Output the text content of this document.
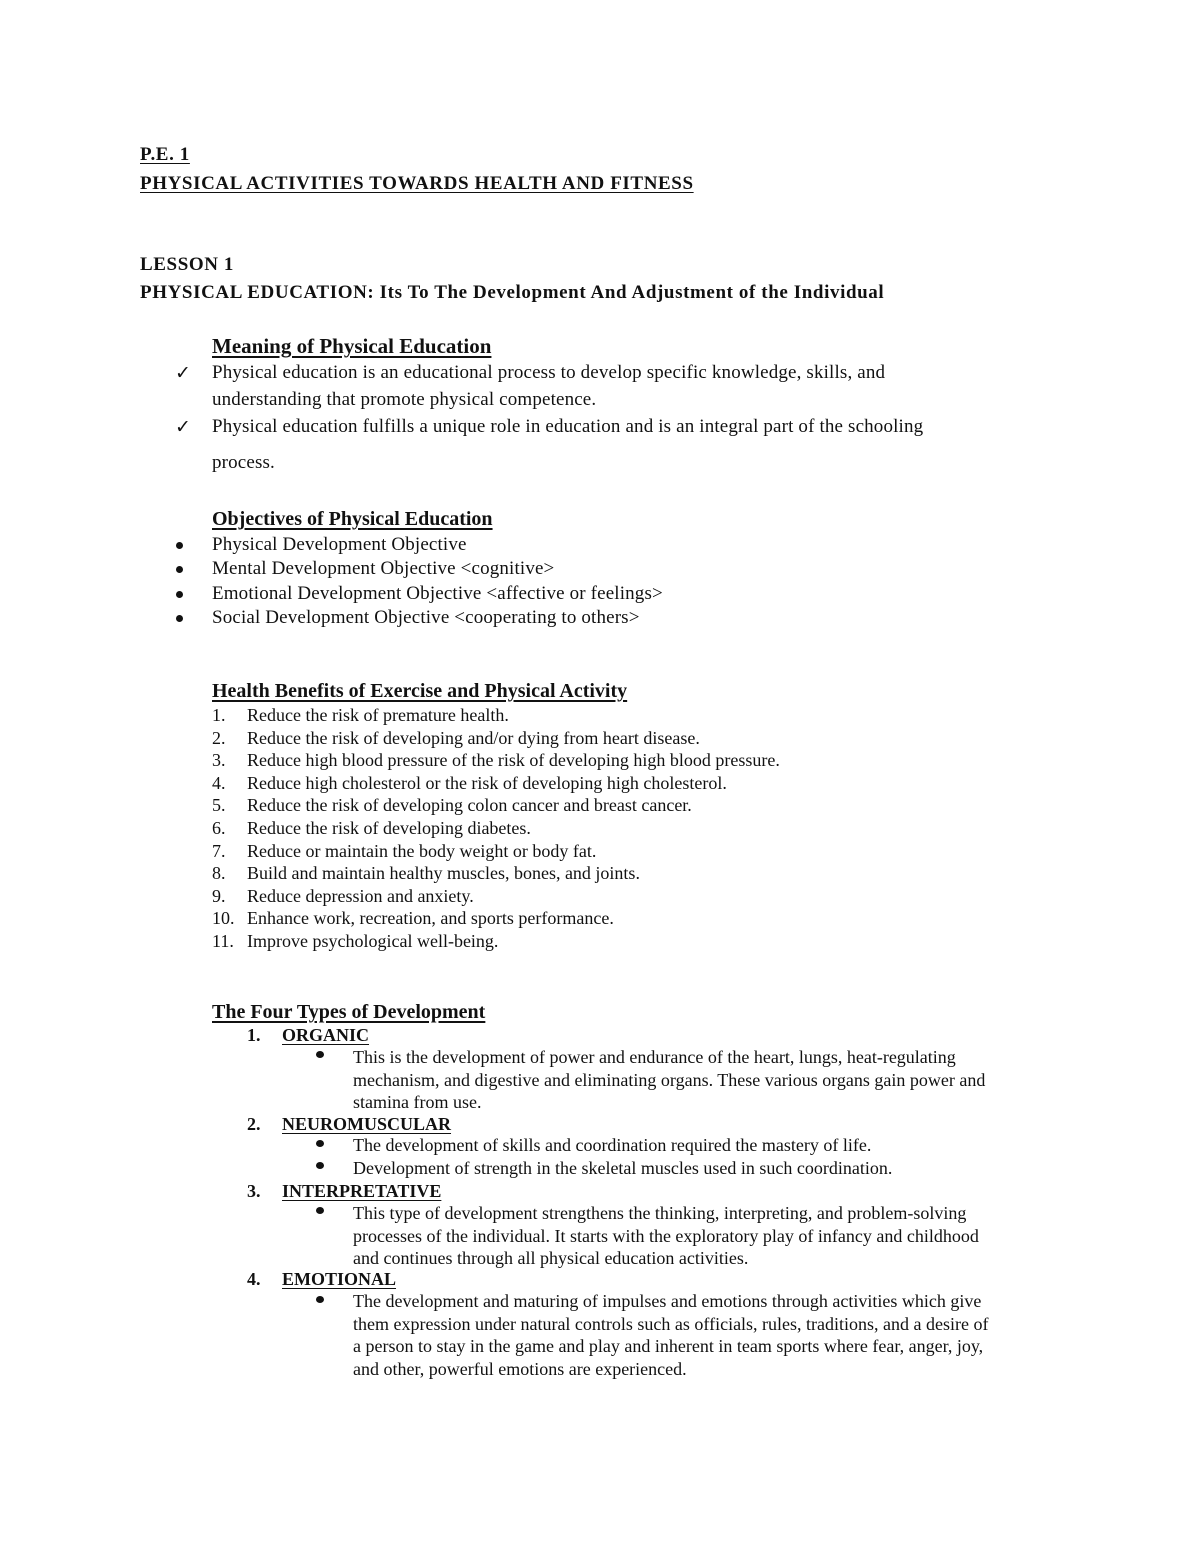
P.E. 1
PHYSICAL ACTIVITIES TOWARDS HEALTH AND FITNESS
LESSON 1
PHYSICAL EDUCATION: Its To The Development And Adjustment of the Individual
Meaning of Physical Education
✓ Physical education is an educational process to develop specific knowledge, skills, and
understanding that promote physical competence.
✓ Physical education fulfills a unique role in education and is an integral part of the schooling
process.
Objectives of Physical Education
Physical Development Objective
Mental Development Objective <cognitive>
Emotional Development Objective <affective or feelings>
Social Development Objective <cooperating to others>
Health Benefits of Exercise and Physical Activity
1. Reduce the risk of premature health.
2. Reduce the risk of developing and/or dying from heart disease.
3. Reduce high blood pressure of the risk of developing high blood pressure.
4. Reduce high cholesterol or the risk of developing high cholesterol.
5. Reduce the risk of developing colon cancer and breast cancer.
6. Reduce the risk of developing diabetes.
7. Reduce or maintain the body weight or body fat.
8. Build and maintain healthy muscles, bones, and joints.
9. Reduce depression and anxiety.
10. Enhance work, recreation, and sports performance.
11. Improve psychological well-being.
The Four Types of Development
1. ORGANIC
This is the development of power and endurance of the heart, lungs, heat-regulating
mechanism, and digestive and eliminating organs. These various organs gain power and
stamina from use.
2. NEUROMUSCULAR
The development of skills and coordination required the mastery of life.
Development of strength in the skeletal muscles used in such coordination.
3. INTERPRETATIVE
This type of development strengthens the thinking, interpreting, and problem-solving
processes of the individual. It starts with the exploratory play of infancy and childhood
and continues through all physical education activities.
4. EMOTIONAL
The development and maturing of impulses and emotions through activities which give
them expression under natural controls such as officials, rules, traditions, and a desire of
a person to stay in the game and play and inherent in team sports where fear, anger, joy,
and other, powerful emotions are experienced.
